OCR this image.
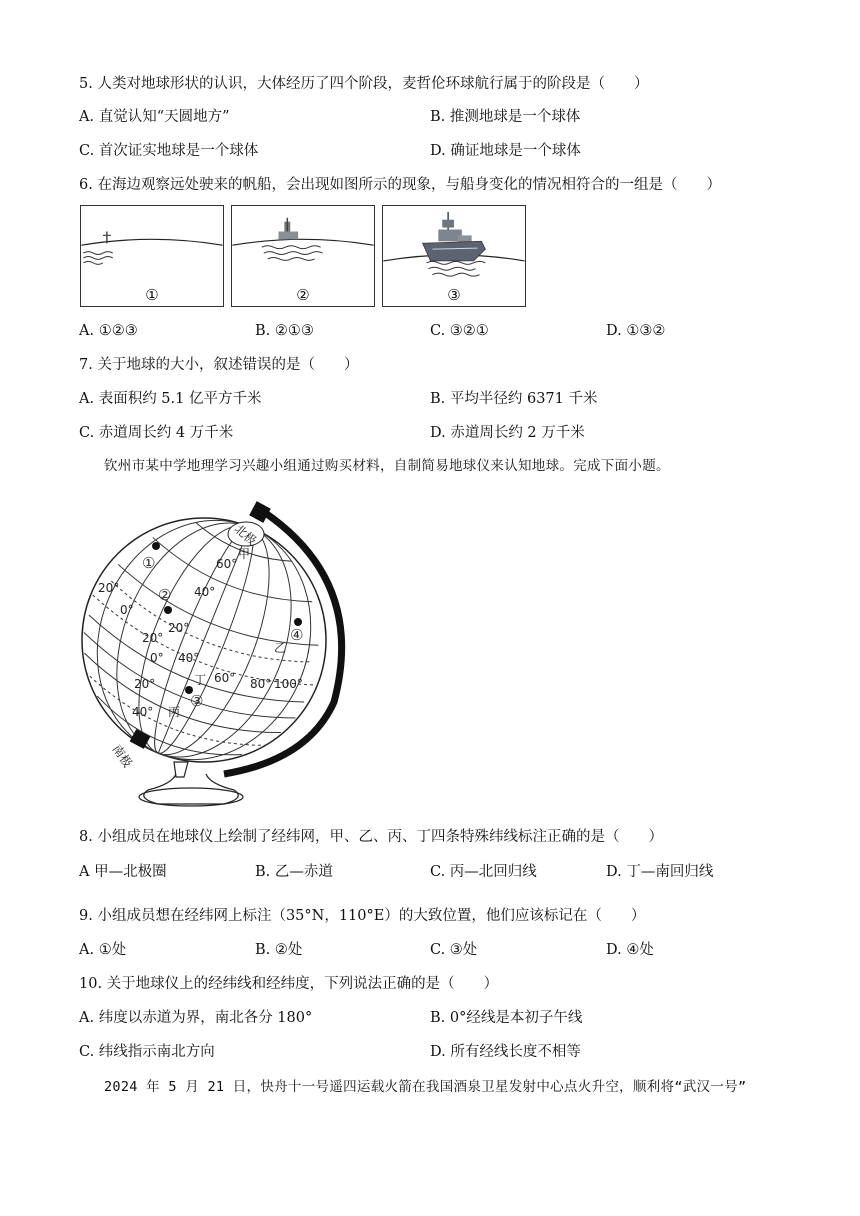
5. 人类对地球形状的认识，大体经历了四个阶段，麦哲伦环球航行属于的阶段是（　　）
A. 直觉认知“天圆地方”	B. 推测地球是一个球体
C. 首次证实地球是一个球体	D. 确证地球是一个球体
6. 在海边观察远处驶来的帆船，会出现如图所示的现象，与船身变化的情况相符合的一组是（　　）
①	②	③
A. ①②③	B. ②①③	C. ③②①	D. ①③②
7. 关于地球的大小，叙述错误的是（　　）
A. 表面积约 5.1 亿平方千米	B. 平均半径约 6371 千米
C. 赤道周长约 4 万千米	D. 赤道周长约 2 万千米
钦州市某中学地理学习兴趣小组通过购买材料，自制简易地球仪来认知地球。完成下面小题。
北极
南极
①
②
③
④
甲
乙
丙
丁
60°
40°
20°
0°
20°
20°
0° 40°
60° 80° 100°
20°
40°
8. 小组成员在地球仪上绘制了经纬网，甲、乙、丙、丁四条特殊纬线标注正确的是（　　）
A 甲—北极圈	B. 乙—赤道	C. 丙—北回归线	D. 丁—南回归线
9. 小组成员想在经纬网上标注（35°N，110°E）的大致位置，他们应该标记在（　　）
A. ①处	B. ②处	C. ③处	D. ④处
10. 关于地球仪上的经纬线和经纬度，下列说法正确的是（　　）
A. 纬度以赤道为界，南北各分 180°	B. 0°经线是本初子午线
C. 纬线指示南北方向	D. 所有经线长度不相等
2024 年 5 月 21 日，快舟十一号遥四运载火箭在我国酒泉卫星发射中心点火升空，顺利将“武汉一号”
